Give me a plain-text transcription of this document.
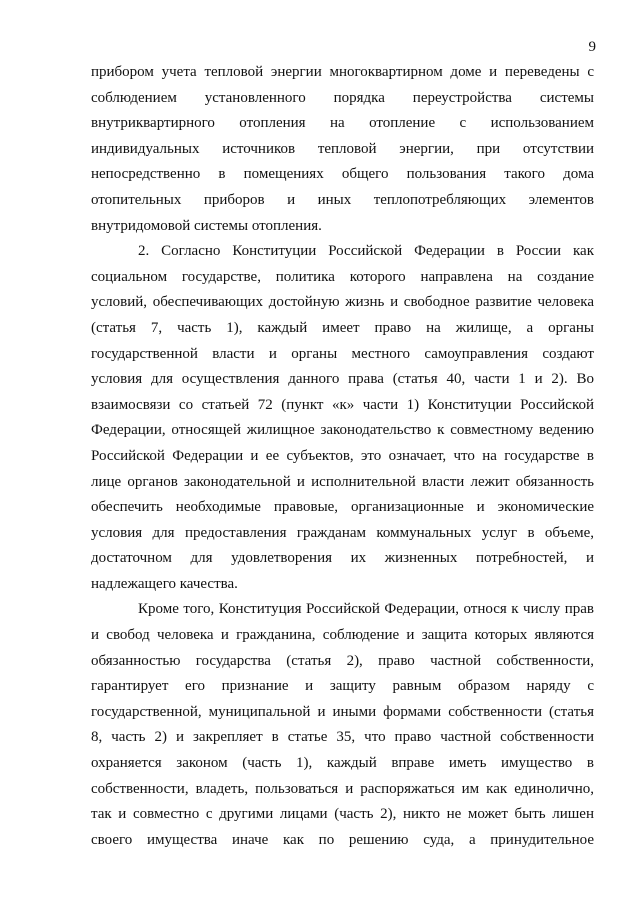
9
прибором учета тепловой энергии многоквартирном доме и переведены с
соблюдением установленного порядка переустройства системы
внутриквартирного отопления на отопление с использованием
индивидуальных источников тепловой энергии, при отсутствии
непосредственно в помещениях общего пользования такого дома
отопительных приборов и иных теплопотребляющих элементов
внутридомовой системы отопления.
2. Согласно Конституции Российской Федерации в России как
социальном государстве, политика которого направлена на создание
условий, обеспечивающих достойную жизнь и свободное развитие человека
(статья 7, часть 1), каждый имеет право на жилище, а органы
государственной власти и органы местного самоуправления создают
условия для осуществления данного права (статья 40, части 1 и 2). Во
взаимосвязи со статьей 72 (пункт «к» части 1) Конституции Российской
Федерации, относящей жилищное законодательство к совместному ведению
Российской Федерации и ее субъектов, это означает, что на государстве в
лице органов законодательной и исполнительной власти лежит обязанность
обеспечить необходимые правовые, организационные и экономические
условия для предоставления гражданам коммунальных услуг в объеме,
достаточном для удовлетворения их жизненных потребностей, и
надлежащего качества.
Кроме того, Конституция Российской Федерации, относя к числу прав
и свобод человека и гражданина, соблюдение и защита которых являются
обязанностью государства (статья 2), право частной собственности,
гарантирует его признание и защиту равным образом наряду с
государственной, муниципальной и иными формами собственности (статья
8, часть 2) и закрепляет в статье 35, что право частной собственности
охраняется законом (часть 1), каждый вправе иметь имущество в
собственности, владеть, пользоваться и распоряжаться им как единолично,
так и совместно с другими лицами (часть 2), никто не может быть лишен
своего имущества иначе как по решению суда, а принудительное
